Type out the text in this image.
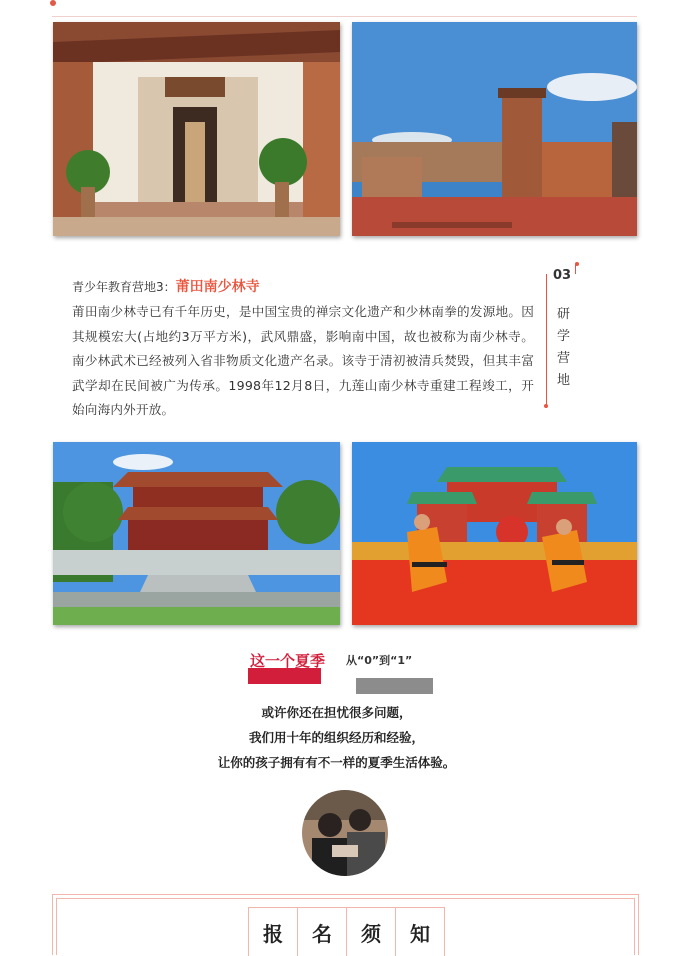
青少年教育营地3：莆田南少林寺
莆田南少林寺已有千年历史，是中国宝贵的禅宗文化遗产和少林南拳的发源地。因其规模宏大(占地约3万平方米)，武风鼎盛，影响南中国，故也被称为南少林寺。南少林武术已经被列入省非物质文化遗产名录。该寺于清初被清兵焚毁，但其丰富武学却在民间被广为传承。1998年12月8日，九莲山南少林寺重建工程竣工，开始向海内外开放。
03
研学营地
这一个夏季 从“0”到“1”
或许你还在担忧很多问题，
我们用十年的组织经历和经验，
让你的孩子拥有有不一样的夏季生活体验。
报	名	须	知
